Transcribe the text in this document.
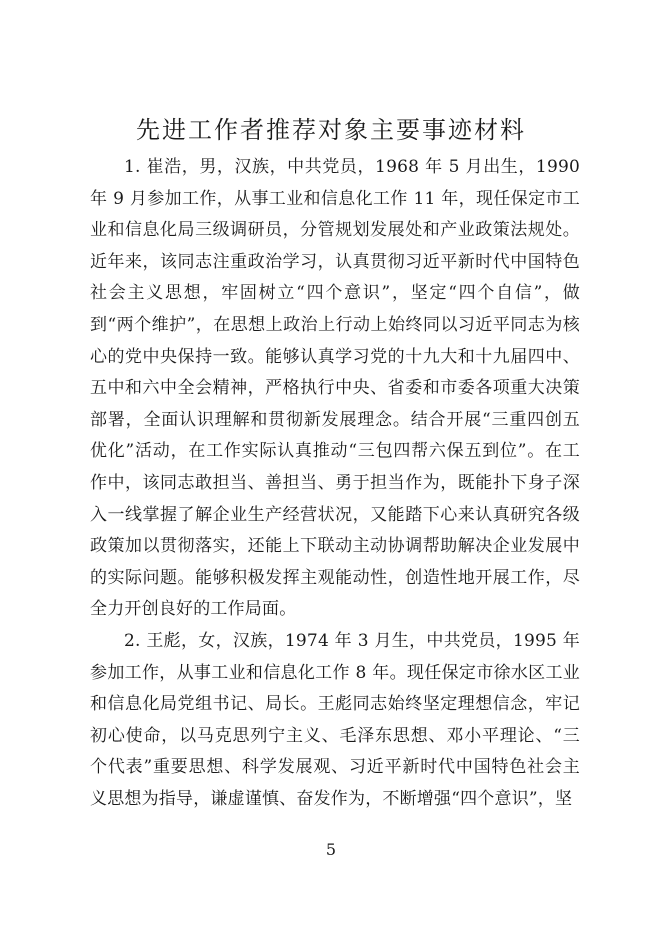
先进工作者推荐对象主要事迹材料

1. 崔浩，男，汉族，中共党员，1968 年 5 月出生，1990 年 9 月参加工作，从事工业和信息化工作 11 年，现任保定市工业和信息化局三级调研员，分管规划发展处和产业政策法规处。近年来，该同志注重政治学习，认真贯彻习近平新时代中国特色社会主义思想，牢固树立“四个意识”，坚定“四个自信”，做到“两个维护”，在思想上政治上行动上始终同以习近平同志为核心的党中央保持一致。能够认真学习党的十九大和十九届四中、五中和六中全会精神，严格执行中央、省委和市委各项重大决策部署，全面认识理解和贯彻新发展理念。结合开展“三重四创五优化”活动，在工作实际认真推动“三包四帮六保五到位”。在工作中，该同志敢担当、善担当、勇于担当作为，既能扑下身子深入一线掌握了解企业生产经营状况，又能踏下心来认真研究各级政策加以贯彻落实，还能上下联动主动协调帮助解决企业发展中的实际问题。能够积极发挥主观能动性，创造性地开展工作，尽全力开创良好的工作局面。

2. 王彪，女，汉族，1974 年 3 月生，中共党员，1995 年参加工作，从事工业和信息化工作 8 年。现任保定市徐水区工业和信息化局党组书记、局长。王彪同志始终坚定理想信念，牢记初心使命，以马克思列宁主义、毛泽东思想、邓小平理论、“三个代表”重要思想、科学发展观、习近平新时代中国特色社会主义思想为指导，谦虚谨慎、奋发作为，不断增强“四个意识”，坚

5
